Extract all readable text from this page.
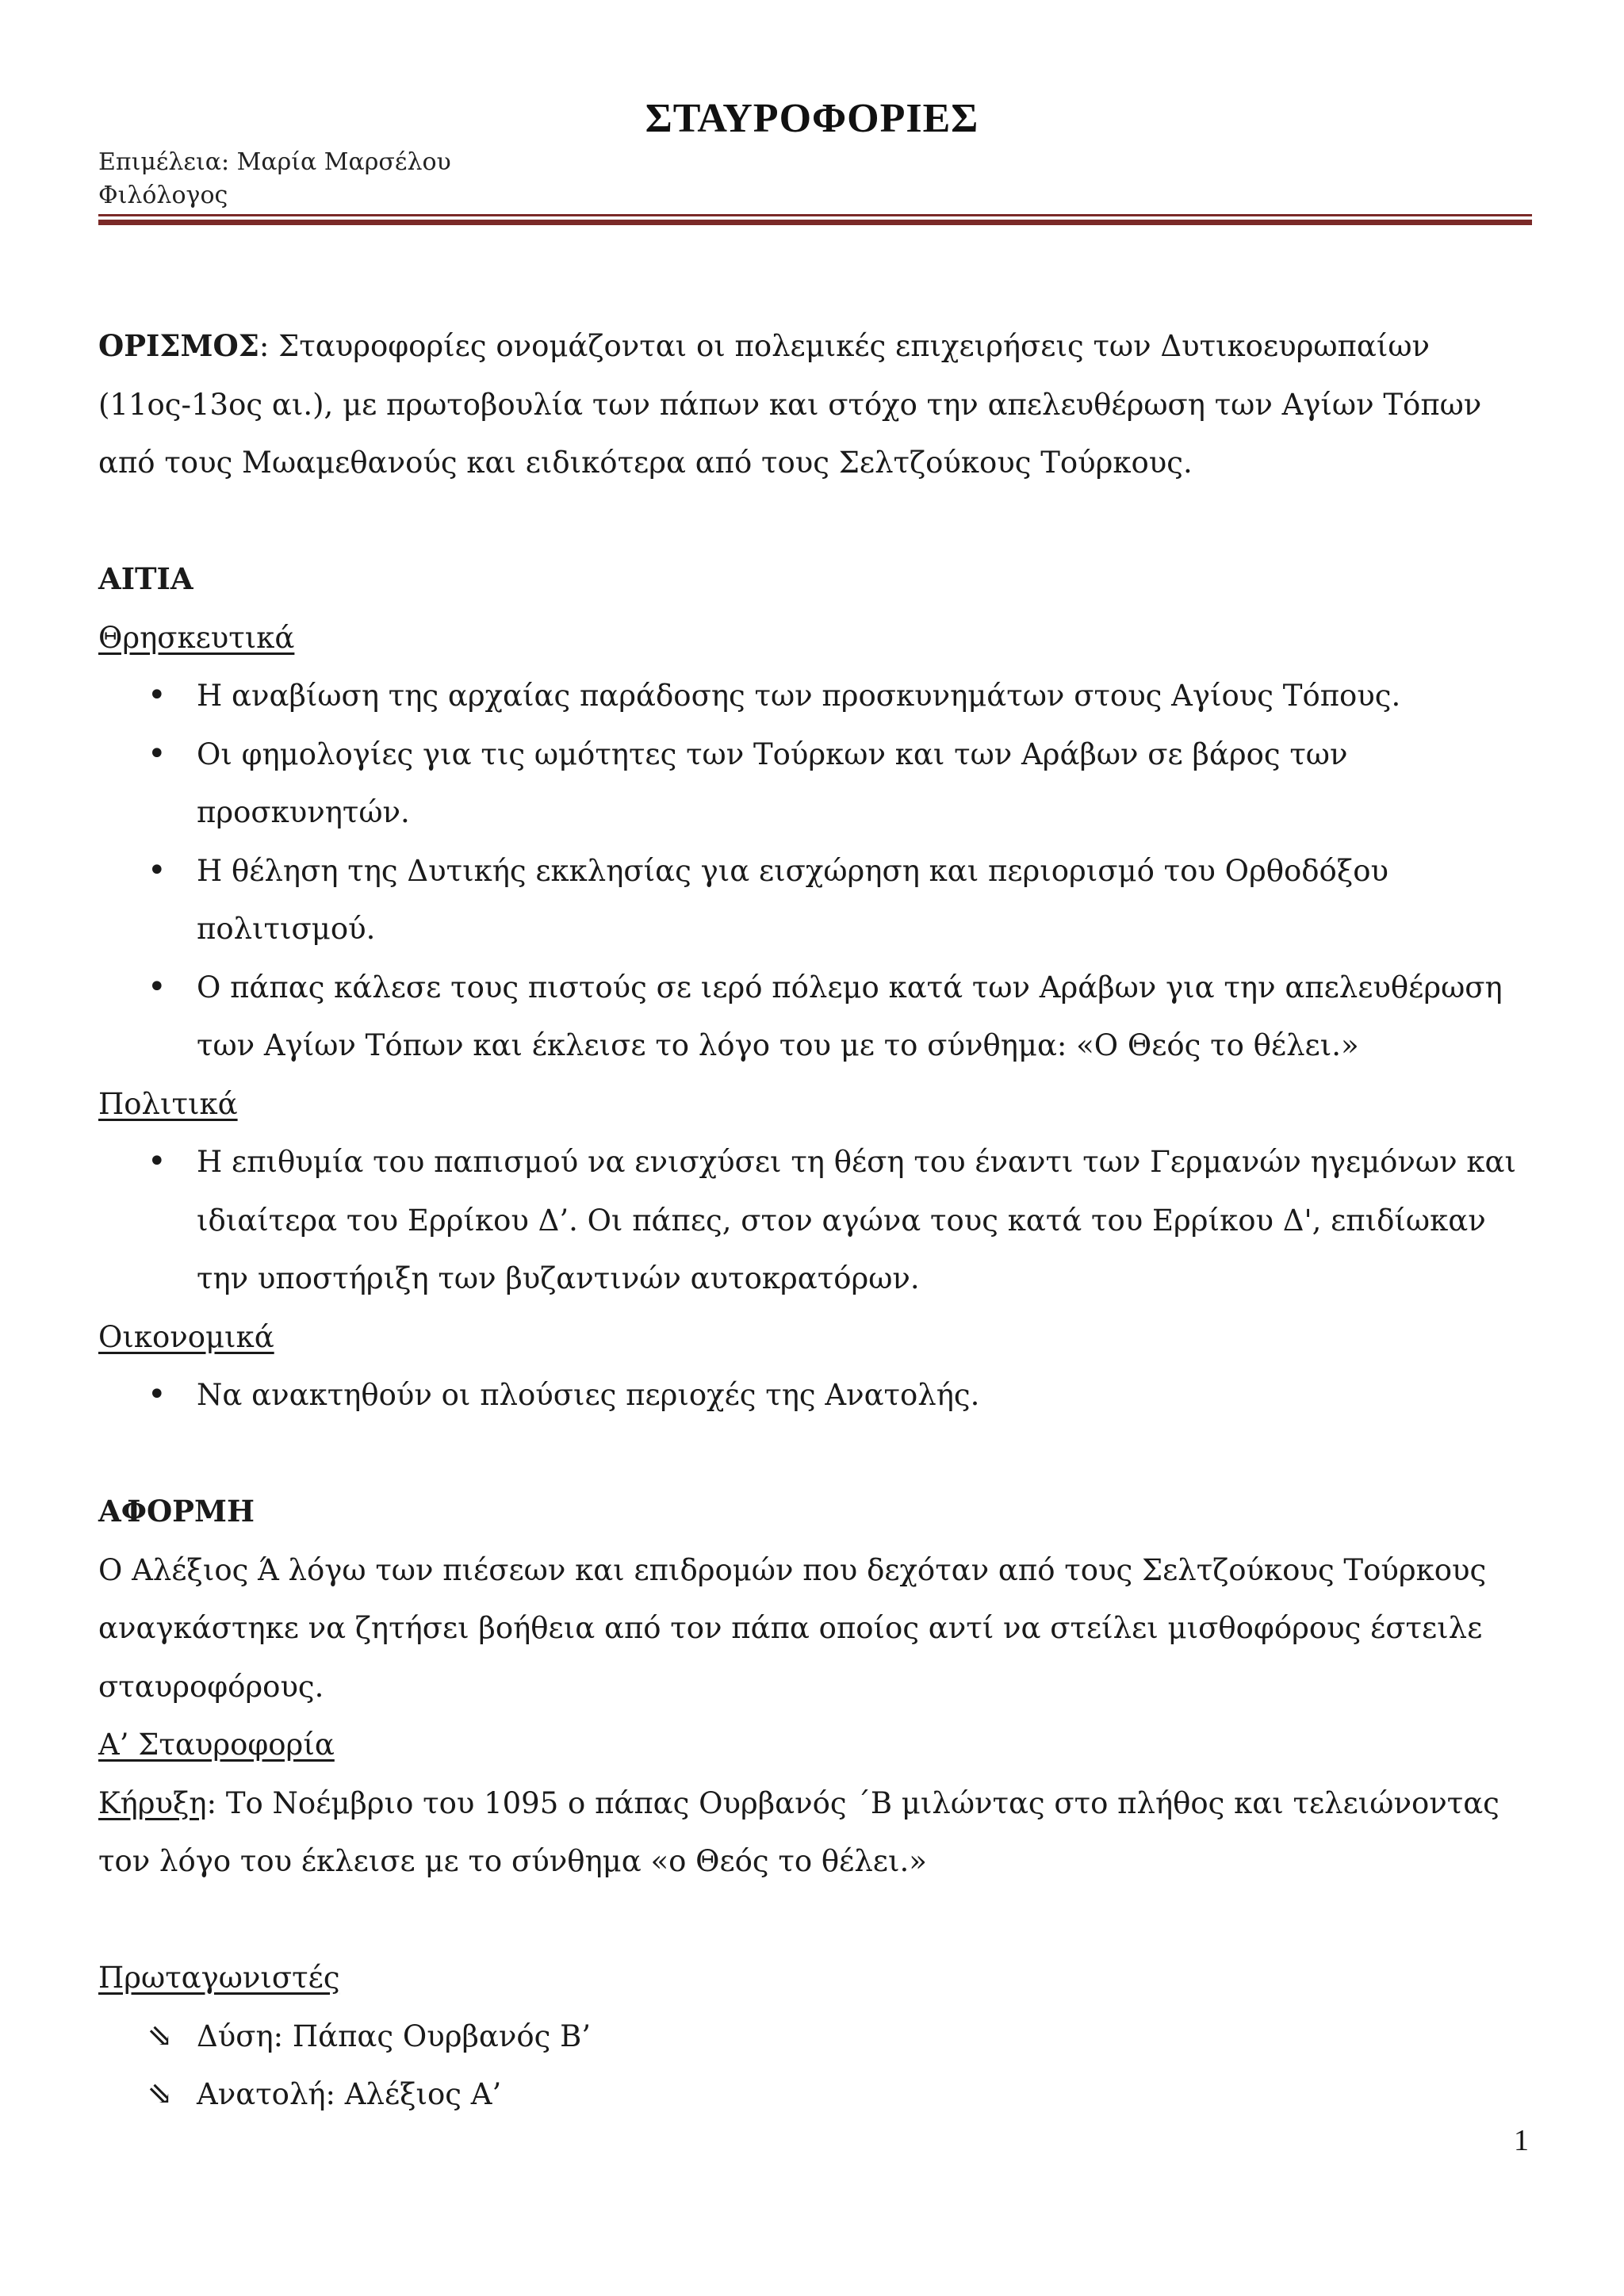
ΣΤΑΥΡΟΦΟΡΙΕΣ
Επιμέλεια: Μαρία Μαρσέλου
Φιλόλογος

ΟΡΙΣΜΟΣ: Σταυροφορίες ονομάζονται οι πολεμικές επιχειρήσεις των Δυτικοευρωπαίων (11ος-13ος αι.), με πρωτοβουλία των πάπων και στόχο την απελευθέρωση των Αγίων Τόπων από τους Μωαμεθανούς και ειδικότερα από τους Σελτζούκους Τούρκους.

ΑΙΤΙΑ

Θρησκευτικά

• Η αναβίωση της αρχαίας παράδοσης των προσκυνημάτων στους Αγίους Τόπους.
• Οι φημολογίες για τις ωμότητες των Τούρκων και των Αράβων σε βάρος των προσκυνητών.
• Η θέληση της Δυτικής εκκλησίας για εισχώρηση και περιορισμό του Ορθοδόξου πολιτισμού.
• Ο πάπας κάλεσε τους πιστούς σε ιερό πόλεμο κατά των Αράβων για την απελευθέρωση των Αγίων Τόπων και έκλεισε το λόγο του με το σύνθημα: «Ο Θεός το θέλει.»

Πολιτικά

• Η επιθυμία του παπισμού να ενισχύσει τη θέση του έναντι των Γερμανών ηγεμόνων και ιδιαίτερα του Ερρίκου Δ’. Οι πάπες, στον αγώνα τους κατά του Ερρίκου Δ', επιδίωκαν την υποστήριξη των βυζαντινών αυτοκρατόρων.

Οικονομικά

• Να ανακτηθούν οι πλούσιες περιοχές της Ανατολής.

ΑΦΟΡΜΗ

Ο Αλέξιος Ά λόγω των πιέσεων και επιδρομών που δεχόταν από τους Σελτζούκους Τούρκους αναγκάστηκε να ζητήσει βοήθεια από τον πάπα οποίος αντί να στείλει μισθοφόρους έστειλε σταυροφόρους.

Α’ Σταυροφορία

Κήρυξη: Το Νοέμβριο του 1095 ο πάπας Ουρβανός ΄Β μιλώντας στο πλήθος και τελειώνοντας τον λόγο του έκλεισε με το σύνθημα «ο Θεός το θέλει.»

Πρωταγωνιστές

⇘ Δύση: Πάπας Ουρβανός Β’
⇘ Ανατολή: Αλέξιος Α’
1
